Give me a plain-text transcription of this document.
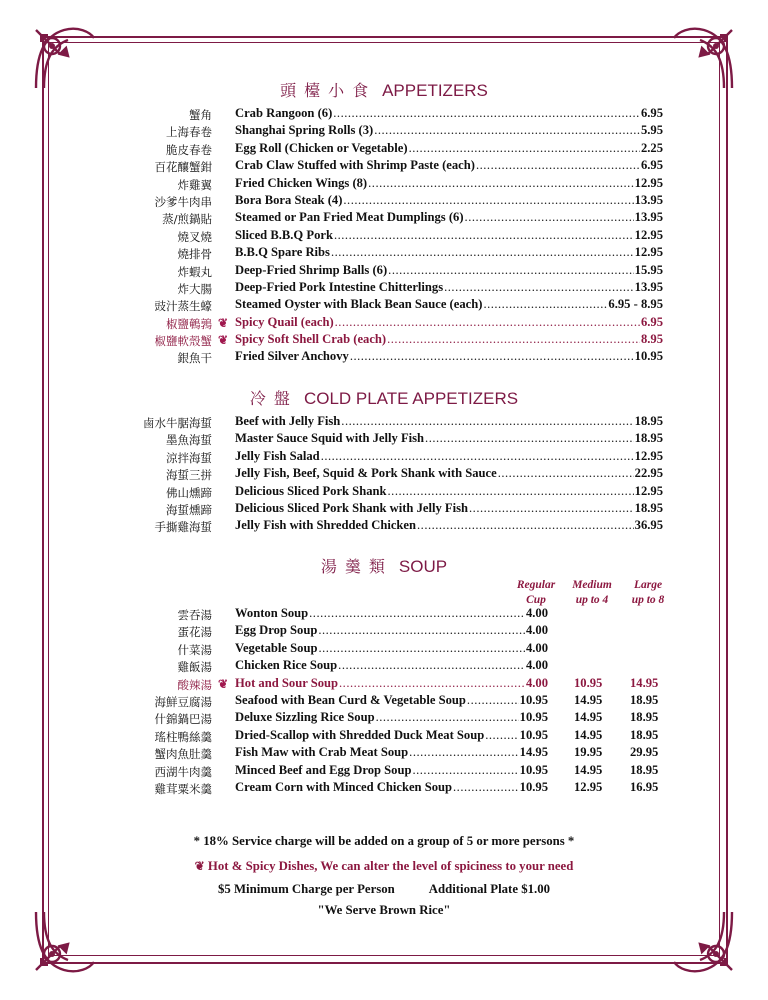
頭檯小食 APPETIZERS
蟹角 Crab Rangoon (6) .....	6.95
上海春卷 Shanghai Spring Rolls (3) .....	5.95
脆皮春卷 Egg Roll (Chicken or Vegetable) .....	2.25
百花釀蟹鉗 Crab Claw Stuffed with Shrimp Paste (each) .....	6.95
炸雞翼 Fried Chicken Wings (8) .....	12.95
沙爹牛肉串 Bora Bora Steak (4) .....	13.95
蒸/煎鍋貼 Steamed or Pan Fried Meat Dumplings (6) .....	13.95
燒叉燒 Sliced B.B.Q Pork .....	12.95
燒排骨 B.B.Q Spare Ribs .....	12.95
炸蝦丸 Deep-Fried Shrimp Balls (6) .....	15.95
炸大腸 Deep-Fried Pork Intestine Chitterlings .....	13.95
豉汁蒸生蠔 Steamed Oyster with Black Bean Sauce (each) .....	6.95 - 8.95
椒鹽鵪鶉 ❦ Spicy Quail (each) .....	6.95
椒鹽軟殼蟹 ❦ Spicy Soft Shell Crab (each) .....	8.95
銀魚干 Fried Silver Anchovy .....	10.95
冷盤 COLD PLATE APPETIZERS
鹵水牛腒海蜇 Beef with Jelly Fish .....	18.95
墨魚海蜇 Master Sauce Squid with Jelly Fish .....	18.95
涼拌海蜇 Jelly Fish Salad .....	12.95
海蜇三拼 Jelly Fish, Beef, Squid & Pork Shank with Sauce .....	22.95
佛山燻蹄 Delicious Sliced Pork Shank .....	12.95
海蜇燻蹄 Delicious Sliced Pork Shank with Jelly Fish .....	18.95
手撕雞海蜇 Jelly Fish with Shredded Chicken .....	36.95
湯羹類 SOUP
Regular
Cup
Medium
up to 4
Large
up to 8
雲吞湯 Wonton Soup .....	4.00
蛋花湯 Egg Drop Soup .....	4.00
什菜湯 Vegetable Soup .....	4.00
雞飯湯 Chicken Rice Soup .....	4.00
酸辣湯 ❦ Hot and Sour Soup .....	4.00 10.95 14.95
海鮮豆腐湯 Seafood with Bean Curd & Vegetable Soup .....	10.95 14.95 18.95
什錦鍋巴湯 Deluxe Sizzling Rice Soup .....	10.95 14.95 18.95
瑤柱鴨絲羹 Dried-Scallop with Shredded Duck Meat Soup .....	10.95 14.95 18.95
蟹肉魚肚羹 Fish Maw with Crab Meat Soup .....	14.95 19.95 29.95
西湖牛肉羹 Minced Beef and Egg Drop Soup .....	10.95 14.95 18.95
雞茸粟米羹 Cream Corn with Minced Chicken Soup .....	10.95 12.95 16.95
* 18% Service charge will be added on a group of 5 or more persons *
❦ Hot & Spicy Dishes, We can alter the level of spiciness to your need
$5 Minimum Charge per Person	Additional Plate $1.00
"We Serve Brown Rice"
